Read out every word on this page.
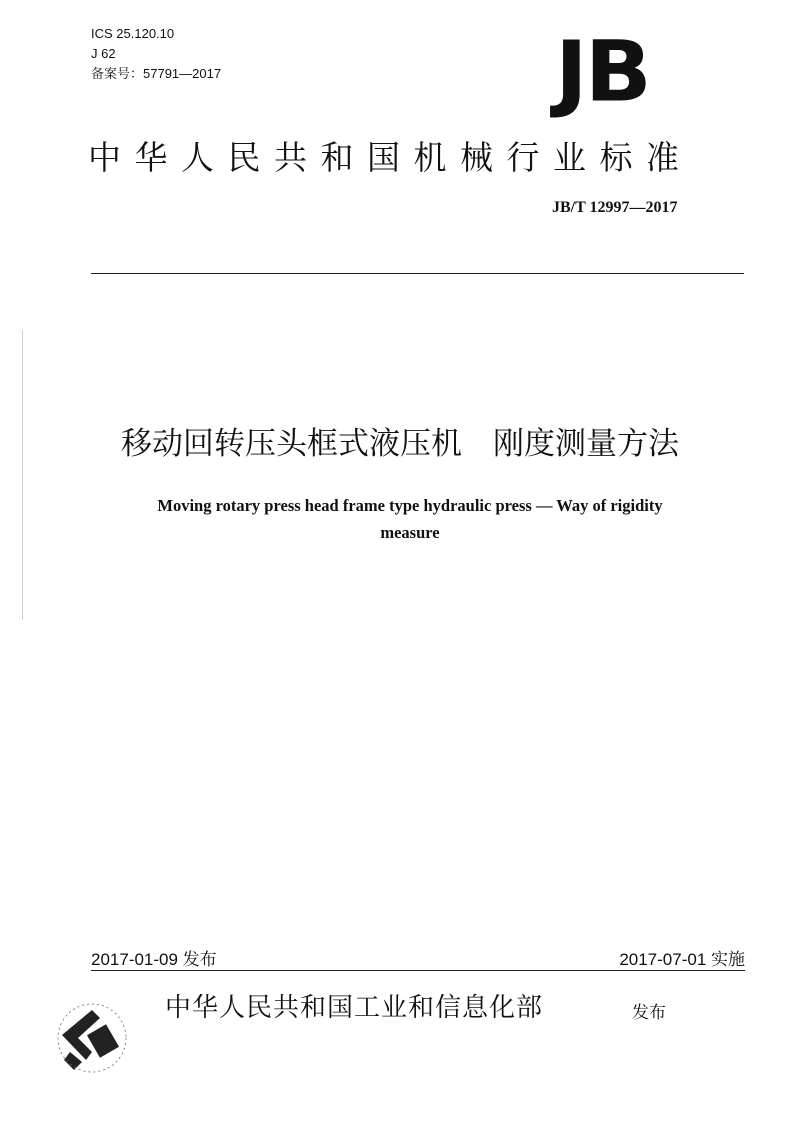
ICS 25.120.10
J 62
备案号：57791—2017	JB
中华人民共和国机械行业标准
JB/T 12997—2017
移动回转压头框式液压机　刚度测量方法
Moving rotary press head frame type hydraulic press — Way of rigidity
measure
2017-01-09 发布	2017-07-01 实施
中华人民共和国工业和信息化部	发布
